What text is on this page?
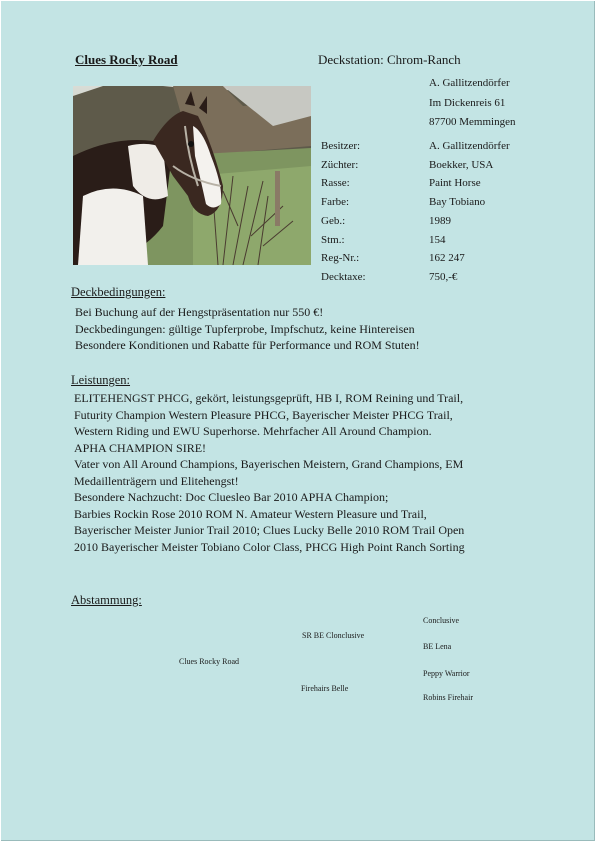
Clues Rocky Road	Deckstation: Chrom-Ranch
A. Gallitzendörfer
Im Dickenreis 61
87700 Memmingen
Besitzer:
Züchter:
Rasse:
Farbe:
Geb.:
Stm.:
Reg-Nr.:
Decktaxe:
A. Gallitzendörfer
Boekker, USA
Paint Horse
Bay Tobiano
1989
154
162 247
750,-€
Deckbedingungen:
Bei Buchung auf der Hengstpräsentation nur 550 €!
Deckbedingungen: gültige Tupferprobe, Impfschutz, keine Hintereisen
Besondere Konditionen und Rabatte für Performance und ROM Stuten!
Leistungen:
ELITEHENGST PHCG, gekört, leistungsgeprüft, HB I, ROM Reining und Trail,
Futurity Champion Western Pleasure PHCG, Bayerischer Meister PHCG Trail,
Western Riding und EWU Superhorse. Mehrfacher All Around Champion.
APHA CHAMPION SIRE!
Vater von All Around Champions, Bayerischen Meistern, Grand Champions, EM
Medaillenträgern und Elitehengst!
Besondere Nachzucht: Doc Cluesleo Bar 2010 APHA Champion;
Barbies Rockin Rose 2010 ROM N. Amateur Western Pleasure und Trail,
Bayerischer Meister Junior Trail 2010; Clues Lucky Belle 2010 ROM Trail Open
2010 Bayerischer Meister Tobiano Color Class, PHCG High Point Ranch Sorting
Abstammung:
Conclusive
SR BE Clonclusive
BE Lena
Clues Rocky Road
Peppy Warrior
Firehairs Belle
Robins Firehair
